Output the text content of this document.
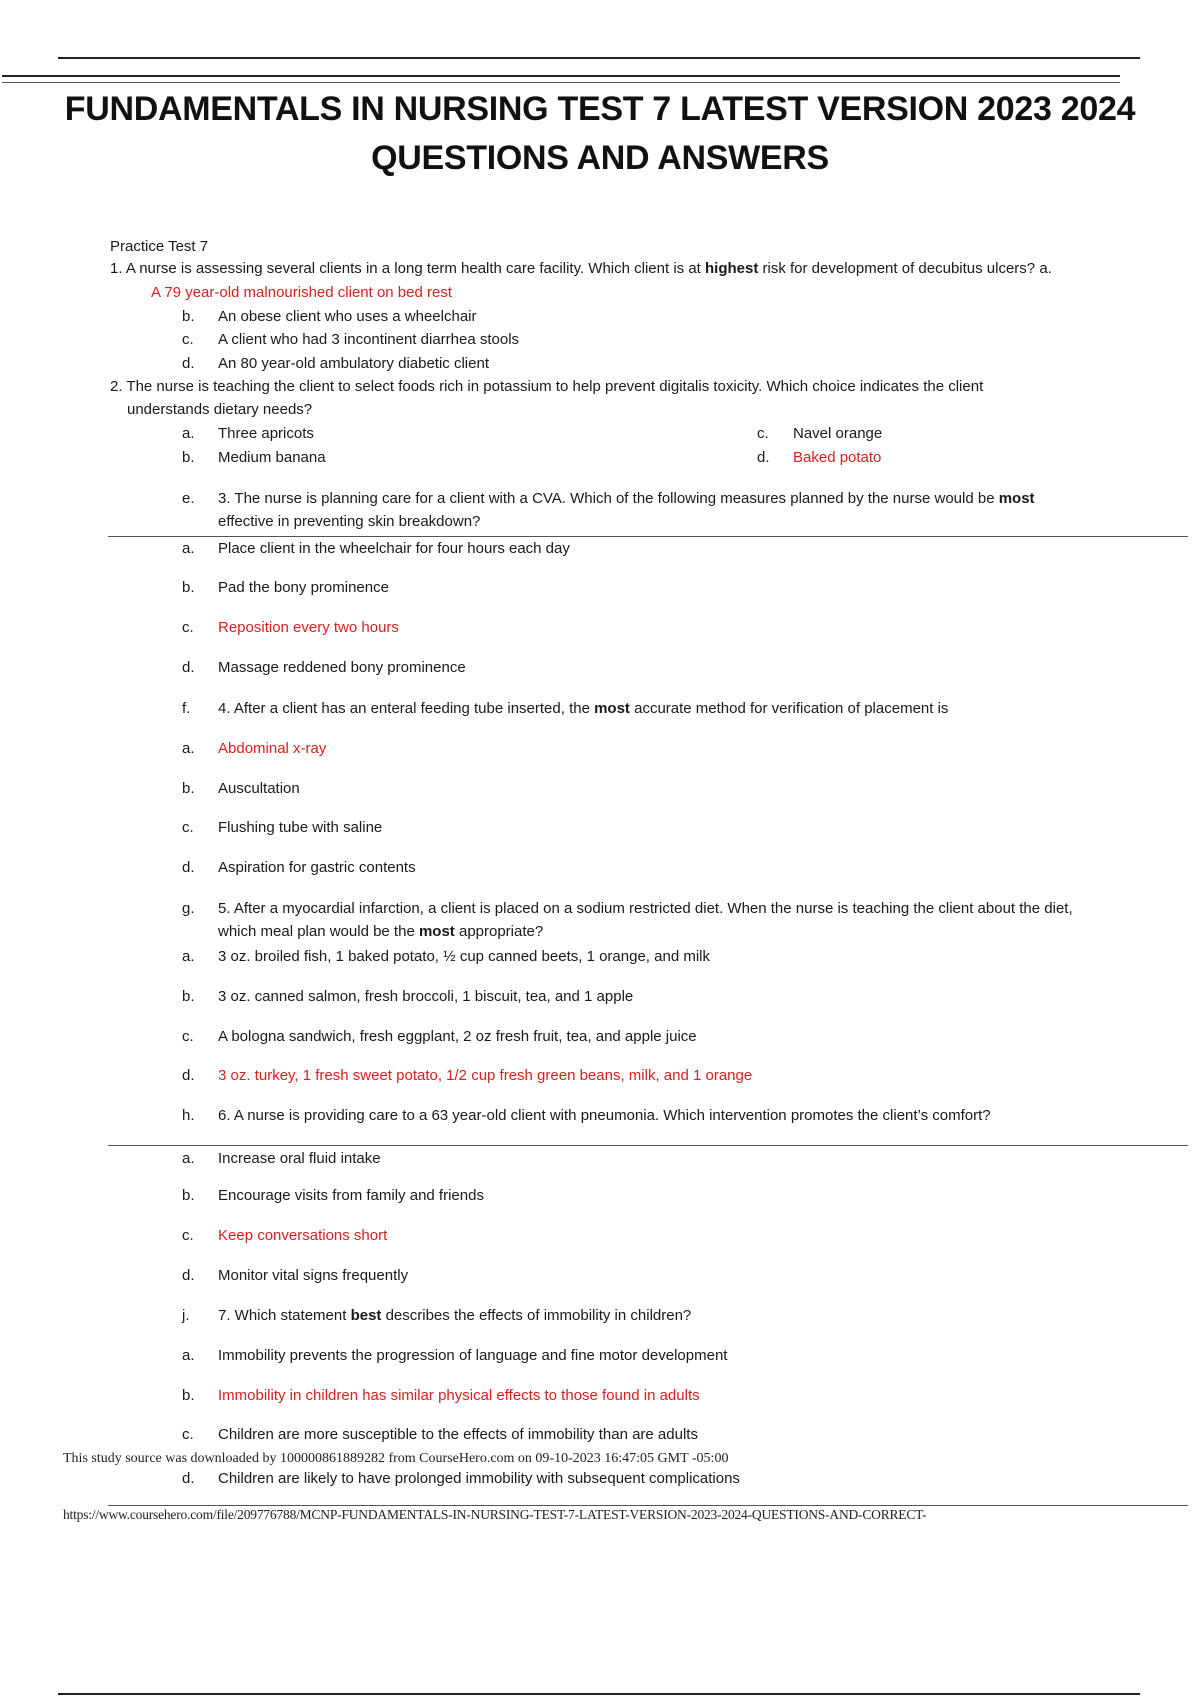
FUNDAMENTALS IN NURSING TEST 7 LATEST VERSION 2023 2024
QUESTIONS AND ANSWERS
Practice Test 7
1. A nurse is assessing several clients in a long term health care facility. Which client is at highest risk for development of decubitus ulcers? a.
A 79 year-old malnourished client on bed rest
b.	An obese client who uses a wheelchair
c.	A client who had 3 incontinent diarrhea stools
d.	An 80 year-old ambulatory diabetic client
2. The nurse is teaching the client to select foods rich in potassium to help prevent digitalis toxicity. Which choice indicates the client
understands dietary needs?
a.	Three apricots
b.	Medium banana
c.	Navel orange
d.	Baked potato
e.	3. The nurse is planning care for a client with a CVA. Which of the following measures planned by the nurse would be most
effective in preventing skin breakdown?
a.	Place client in the wheelchair for four hours each day
b.	Pad the bony prominence
c.	Reposition every two hours
d.	Massage reddened bony prominence
f.	4. After a client has an enteral feeding tube inserted, the most accurate method for verification of placement is
a.	Abdominal x-ray
b.	Auscultation
c.	Flushing tube with saline
d.	Aspiration for gastric contents
g.	5. After a myocardial infarction, a client is placed on a sodium restricted diet. When the nurse is teaching the client about the diet,
which meal plan would be the most appropriate?
a.	3 oz. broiled fish, 1 baked potato, ½ cup canned beets, 1 orange, and milk
b.	3 oz. canned salmon, fresh broccoli, 1 biscuit, tea, and 1 apple
c.	A bologna sandwich, fresh eggplant, 2 oz fresh fruit, tea, and apple juice
d.	3 oz. turkey, 1 fresh sweet potato, 1/2 cup fresh green beans, milk, and 1 orange
h.	6. A nurse is providing care to a 63 year-old client with pneumonia. Which intervention promotes the client’s comfort?
a.	Increase oral fluid intake
b.	Encourage visits from family and friends
c.	Keep conversations short
d.	Monitor vital signs frequently
j.	7. Which statement best describes the effects of immobility in children?
a.	Immobility prevents the progression of language and fine motor development
b.	Immobility in children has similar physical effects to those found in adults
c.	Children are more susceptible to the effects of immobility than are adults
This study source was downloaded by 100000861889282 from CourseHero.com on 09-10-2023 16:47:05 GMT -05:00
d.	Children are likely to have prolonged immobility with subsequent complications
https://www.coursehero.com/file/209776788/MCNP-FUNDAMENTALS-IN-NURSING-TEST-7-LATEST-VERSION-2023-2024-QUESTIONS-AND-CORRECT-
